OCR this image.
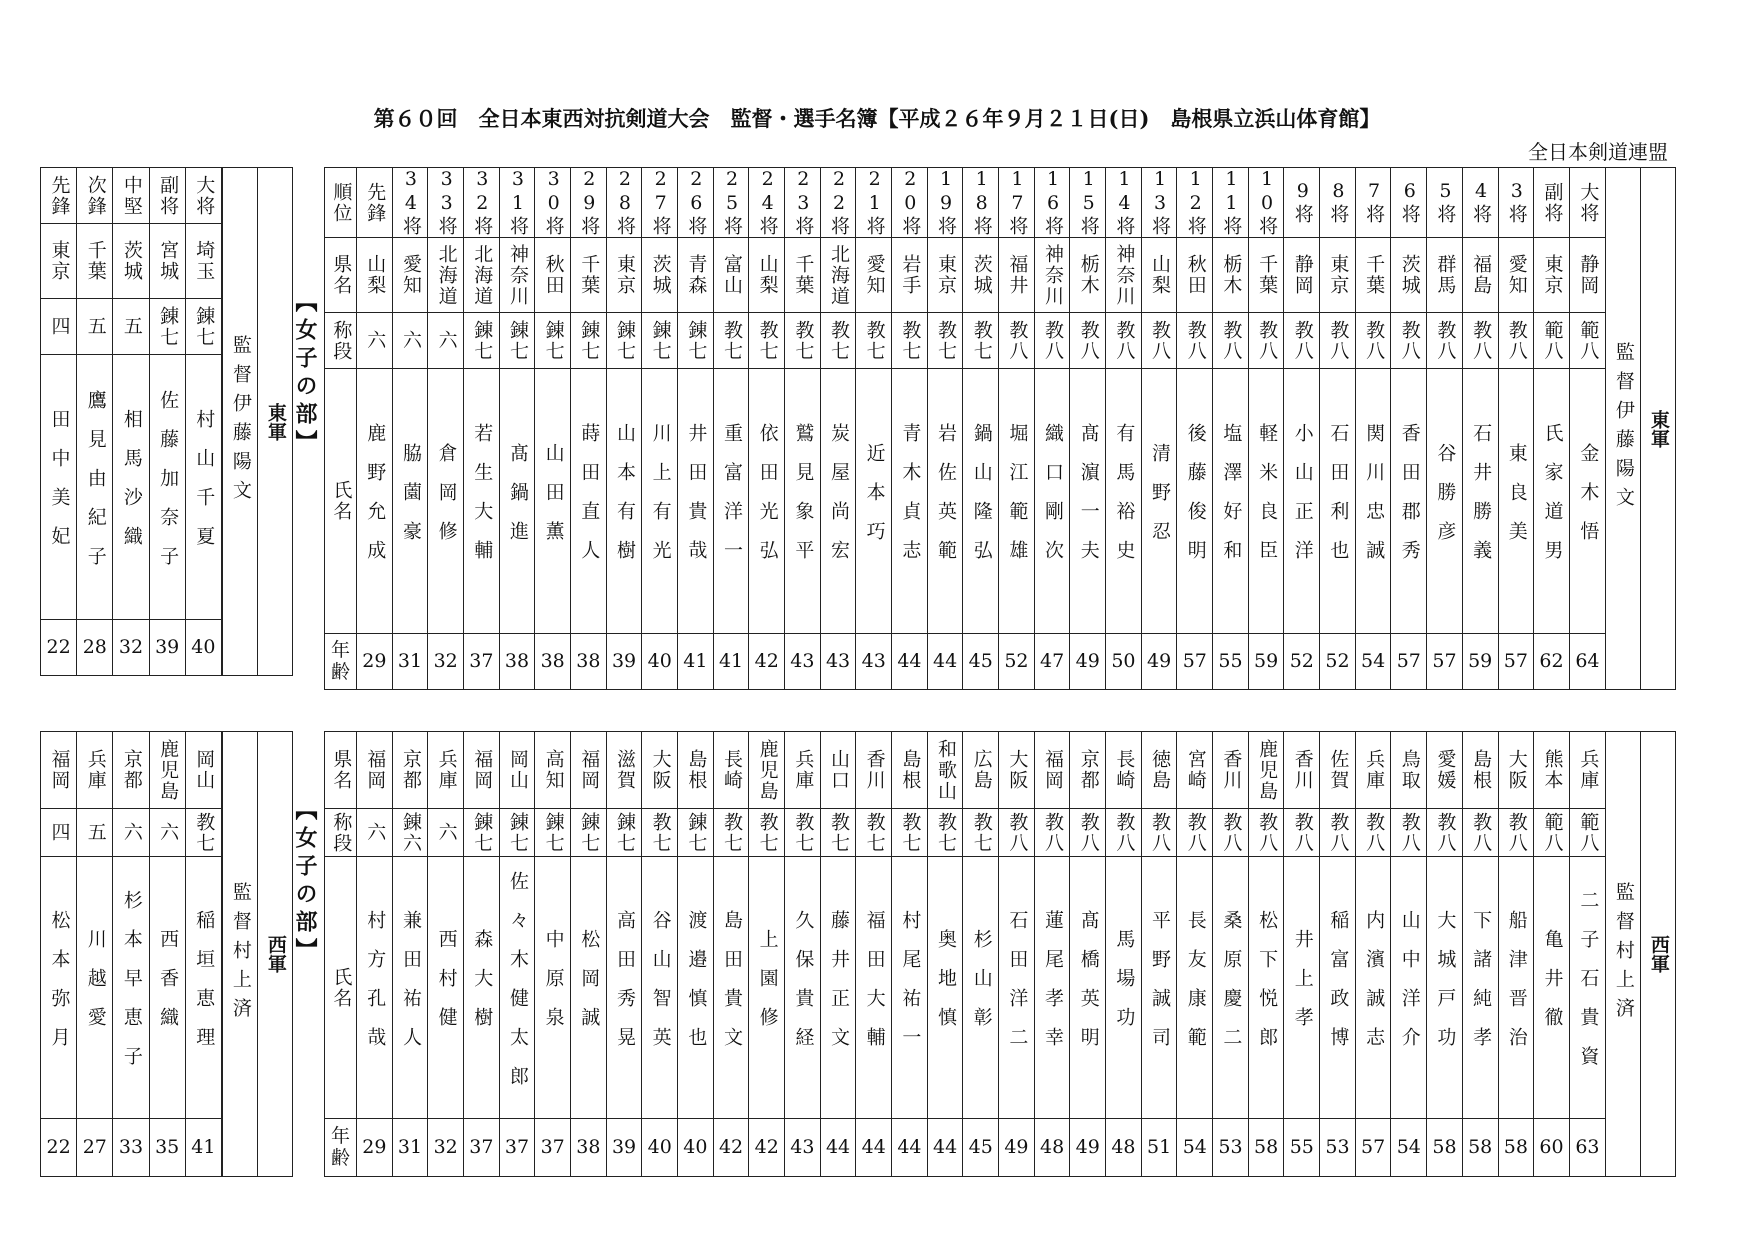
第６０回　全日本東西対抗剣道大会　監督・選手名簿【平成２６年９月２１日(日)　島根県立浜山体育館】
全日本剣道連盟
先鋒	次鋒	中堅	副将	大将
東京	千葉	茨城	宮城	埼玉
四	五	五	錬七	錬七
田中美妃	鷹見由紀子	相馬沙織	佐藤加奈子	村山千夏
22	28	32	39	40
監督伊藤陽文	東軍 【女子の部】
順位	先鋒	34将	33将	32将	31将	30将	29将	28将	27将	26将	25将	24将	23将	22将	21将	20将	19将	18将	17将	16将	15将	14将	13将	12将	11将	10将	9将	8将	7将	6将	5将	4将	3将	副将	大将	監督伊藤陽文	東軍
県名	山梨	愛知	北海道	北海道	神奈川	秋田	千葉	東京	茨城	青森	富山	山梨	千葉	北海道	愛知	岩手	東京	茨城	福井	神奈川	栃木	神奈川	山梨	秋田	栃木	千葉	静岡	東京	千葉	茨城	群馬	福島	愛知	東京	静岡		
称段	六	六	六	錬七	錬七	錬七	錬七	錬七	錬七	錬七	教七	教七	教七	教七	教七	教七	教七	教七	教八	教八	教八	教八	教八	教八	教八	教八	教八	教八	教八	教八	教八	教八	教八	範八	範八		
氏名	鹿野允成	脇薗豪	倉岡修	若生大輔	髙鍋進	山田薫	蒔田直人	山本有樹	川上有光	井田貴哉	重富洋一	依田光弘	鷲見象平	炭屋尚宏	近本巧	青木貞志	岩佐英範	鍋山隆弘	堀江範雄	織口剛次	髙濵一夫	有馬裕史	清野忍	後藤俊明	塩澤好和	軽米良臣	小山正洋	石田利也	関川忠誠	香田郡秀	谷勝彦	石井勝義	東良美	氏家道男	金木悟		
年齢	29	31	32	37	38	38	38	39	40	41	41	42	43	43	43	44	44	45	52	47	49	50	49	57	55	59	52	52	54	57	57	59	57	62	64		
福岡	兵庫	京都	鹿児島	岡山
四	五	六	六	教七
松本弥月	川越愛	杉本早恵子	西香織	稲垣恵理
22	27	33	35	41
監督村上済	西軍 【女子の部】
県名	福岡	京都	兵庫	福岡	岡山	高知	福岡	滋賀	大阪	島根	長崎	鹿児島	兵庫	山口	香川	島根	和歌山	広島	大阪	福岡	京都	長崎	徳島	宮崎	香川	鹿児島	香川	佐賀	兵庫	鳥取	愛媛	島根	大阪	熊本	兵庫	監督村上済	西軍
称段	六	錬六	六	錬七	錬七	錬七	錬七	錬七	教七	錬七	教七	教七	教七	教七	教七	教七	教七	教七	教八	教八	教八	教八	教八	教八	教八	教八	教八	教八	教八	教八	教八	教八	教八	範八	範八		
氏名	村方孔哉	兼田祐人	西村健	森大樹	佐々木健太郎	中原泉	松岡誠	高田秀晃	谷山智英	渡邉慎也	島田貴文	上園修	久保貴経	藤井正文	福田大輔	村尾祐一	奥地慎	杉山彰	石田洋二	蓮尾孝幸	髙橋英明	馬場功	平野誠司	長友康範	桑原慶二	松下悦郎	井上孝	稲富政博	内濱誠志	山中洋介	大城戸功	下諸純孝	船津晋治	亀井徹	二子石貴資		
年齢	29	31	32	37	37	37	38	39	40	40	42	42	43	44	44	44	44	45	49	48	49	48	51	54	53	58	55	53	57	54	58	58	58	60	63		
